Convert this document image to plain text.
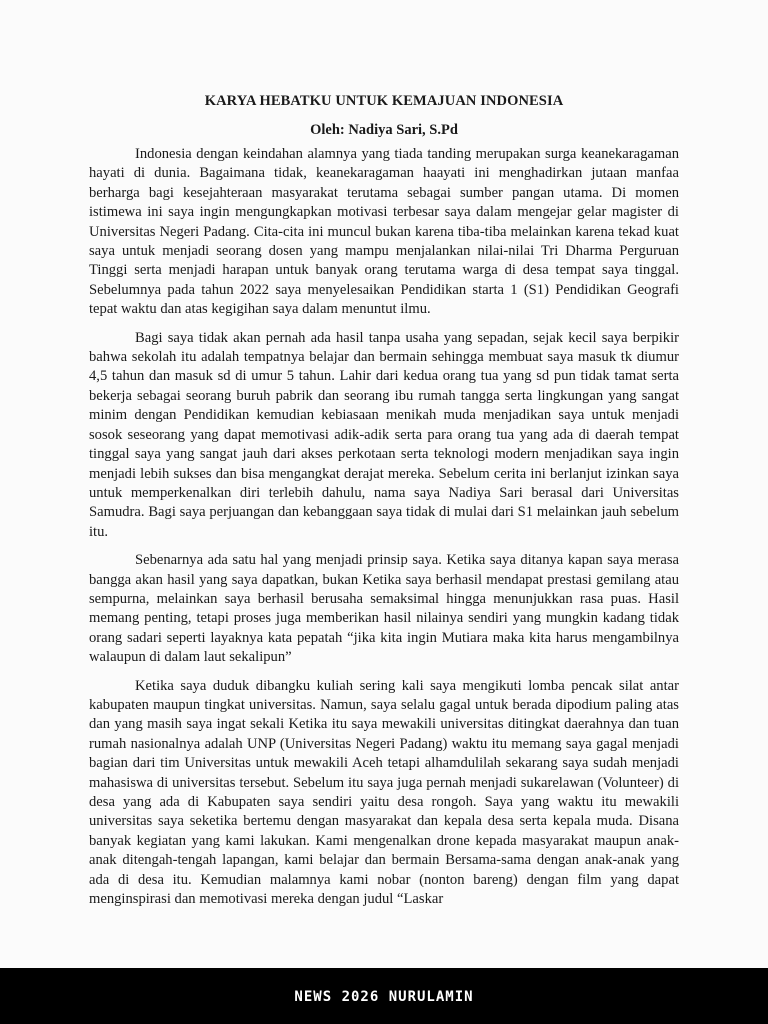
KARYA HEBATKU UNTUK KEMAJUAN INDONESIA
Oleh: Nadiya Sari, S.Pd

Indonesia dengan keindahan alamnya yang tiada tanding merupakan surga keanekaragaman hayati di dunia. Bagaimana tidak, keanekaragaman haayati ini menghadirkan jutaan manfaa berharga bagi kesejahteraan masyarakat terutama sebagai sumber pangan utama. Di momen istimewa ini saya ingin mengungkapkan motivasi terbesar saya dalam mengejar gelar magister di Universitas Negeri Padang. Cita-cita ini muncul bukan karena tiba-tiba melainkan karena tekad kuat saya untuk menjadi seorang dosen yang mampu menjalankan nilai-nilai Tri Dharma Perguruan Tinggi serta menjadi harapan untuk banyak orang terutama warga di desa tempat saya tinggal. Sebelumnya pada tahun 2022 saya menyelesaikan Pendidikan starta 1 (S1) Pendidikan Geografi tepat waktu dan atas kegigihan saya dalam menuntut ilmu.

Bagi saya tidak akan pernah ada hasil tanpa usaha yang sepadan, sejak kecil saya berpikir bahwa sekolah itu adalah tempatnya belajar dan bermain sehingga membuat saya masuk tk diumur 4,5 tahun dan masuk sd di umur 5 tahun. Lahir dari kedua orang tua yang sd pun tidak tamat serta bekerja sebagai seorang buruh pabrik dan seorang ibu rumah tangga serta lingkungan yang sangat minim dengan Pendidikan kemudian kebiasaan menikah muda menjadikan saya untuk menjadi sosok seseorang yang dapat memotivasi adik-adik serta para orang tua yang ada di daerah tempat tinggal saya yang sangat jauh dari akses perkotaan serta teknologi modern menjadikan saya ingin menjadi lebih sukses dan bisa mengangkat derajat mereka. Sebelum cerita ini berlanjut izinkan saya untuk memperkenalkan diri terlebih dahulu, nama saya Nadiya Sari berasal dari Universitas Samudra. Bagi saya perjuangan dan kebanggaan saya tidak di mulai dari S1 melainkan jauh sebelum itu.

Sebenarnya ada satu hal yang menjadi prinsip saya. Ketika saya ditanya kapan saya merasa bangga akan hasil yang saya dapatkan, bukan Ketika saya berhasil mendapat prestasi gemilang atau sempurna, melainkan saya berhasil berusaha semaksimal hingga menunjukkan rasa puas. Hasil memang penting, tetapi proses juga memberikan hasil nilainya sendiri yang mungkin kadang tidak orang sadari seperti layaknya kata pepatah “jika kita ingin Mutiara maka kita harus mengambilnya walaupun di dalam laut sekalipun”

Ketika saya duduk dibangku kuliah sering kali saya mengikuti lomba pencak silat antar kabupaten maupun tingkat universitas. Namun, saya selalu gagal untuk berada dipodium paling atas dan yang masih saya ingat sekali Ketika itu saya mewakili universitas ditingkat daerahnya dan tuan rumah nasionalnya adalah UNP (Universitas Negeri Padang) waktu itu memang saya gagal menjadi bagian dari tim Universitas untuk mewakili Aceh tetapi alhamdulilah sekarang saya sudah menjadi mahasiswa di universitas tersebut. Sebelum itu saya juga pernah menjadi sukarelawan (Volunteer) di desa yang ada di Kabupaten saya sendiri yaitu desa rongoh. Saya yang waktu itu mewakili universitas saya seketika bertemu dengan masyarakat dan kepala desa serta kepala muda. Disana banyak kegiatan yang kami lakukan. Kami mengenalkan drone kepada masyarakat maupun anak-anak ditengah-tengah lapangan, kami belajar dan bermain Bersama-sama dengan anak-anak yang ada di desa itu. Kemudian malamnya kami nobar (nonton bareng) dengan film yang dapat menginspirasi dan memotivasi mereka dengan judul “Laskar

NEWS 2026 NURULAMIN
